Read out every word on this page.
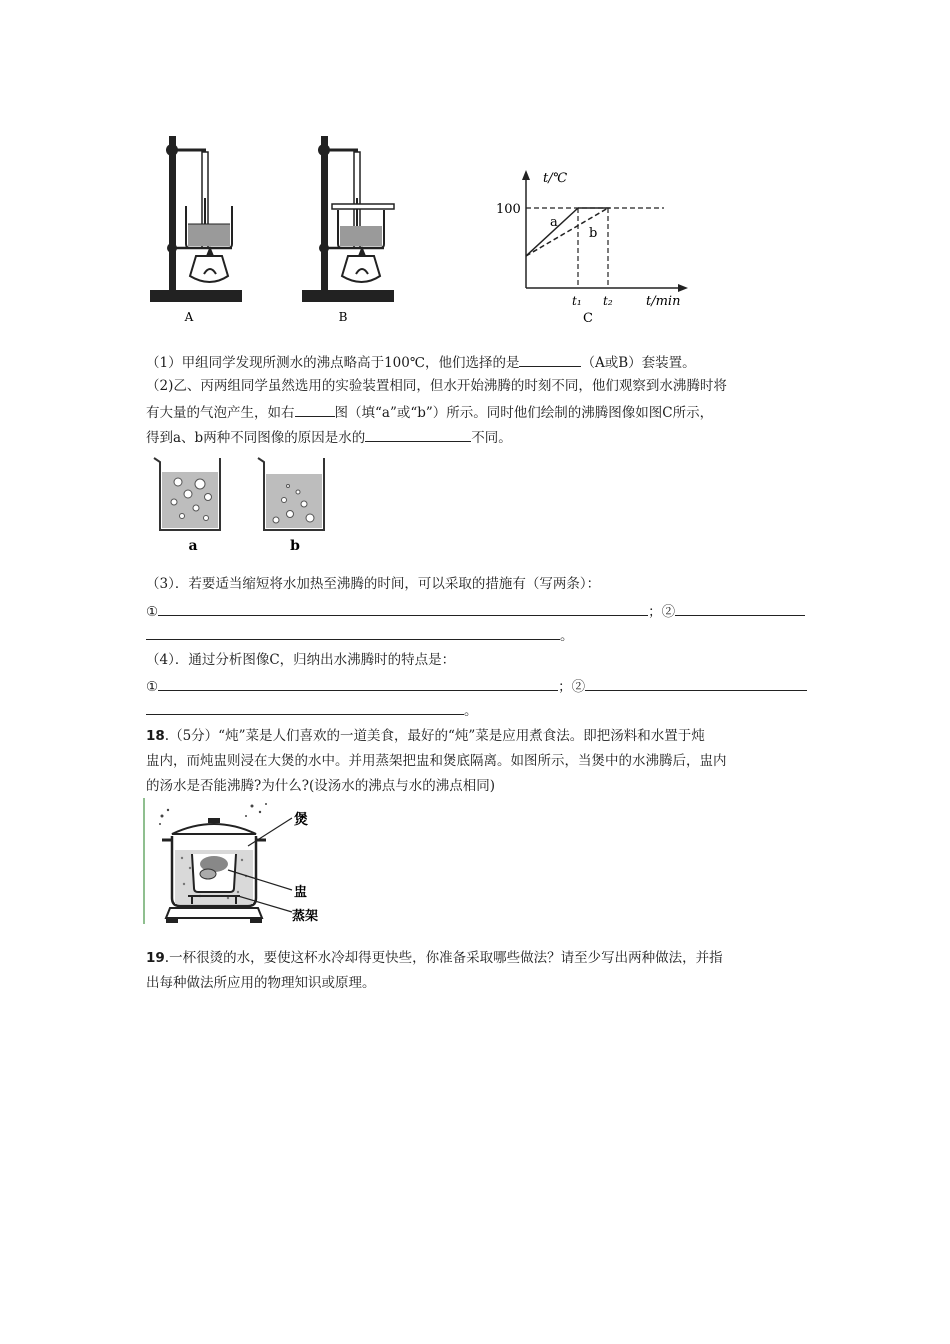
A	B
t/℃
100
a
b
t₁ t₂	t/min
C
（1）甲组同学发现所测水的沸点略高于100℃，他们选择的是	（A或B）套装置。
（2)乙、丙两组同学虽然选用的实验装置相同，但水开始沸腾的时刻不同，他们观察到水沸腾时将
有大量的气泡产生，如右	图（填“a”或“b”）所示。同时他们绘制的沸腾图像如图C所示，
得到a、b两种不同图像的原因是水的	不同。
a	b
（3）．若要适当缩短将水加热至沸腾的时间，可以采取的措施有（写两条）：
①	；②
。
（4）．通过分析图像C，归纳出水沸腾时的特点是：
①	；②
。
18.（5分）“炖”菜是人们喜欢的一道美食，最好的“炖”菜是应用煮食法。即把汤料和水置于炖
盅内，而炖盅则浸在大煲的水中。并用蒸架把盅和煲底隔离。如图所示，当煲中的水沸腾后，盅内
的汤水是否能沸腾?为什么?(设汤水的沸点与水的沸点相同)
煲
盅
蒸架
19.一杯很烫的水，要使这杯水冷却得更快些，你准备采取哪些做法？请至少写出两种做法，并指
出每种做法所应用的物理知识或原理。
